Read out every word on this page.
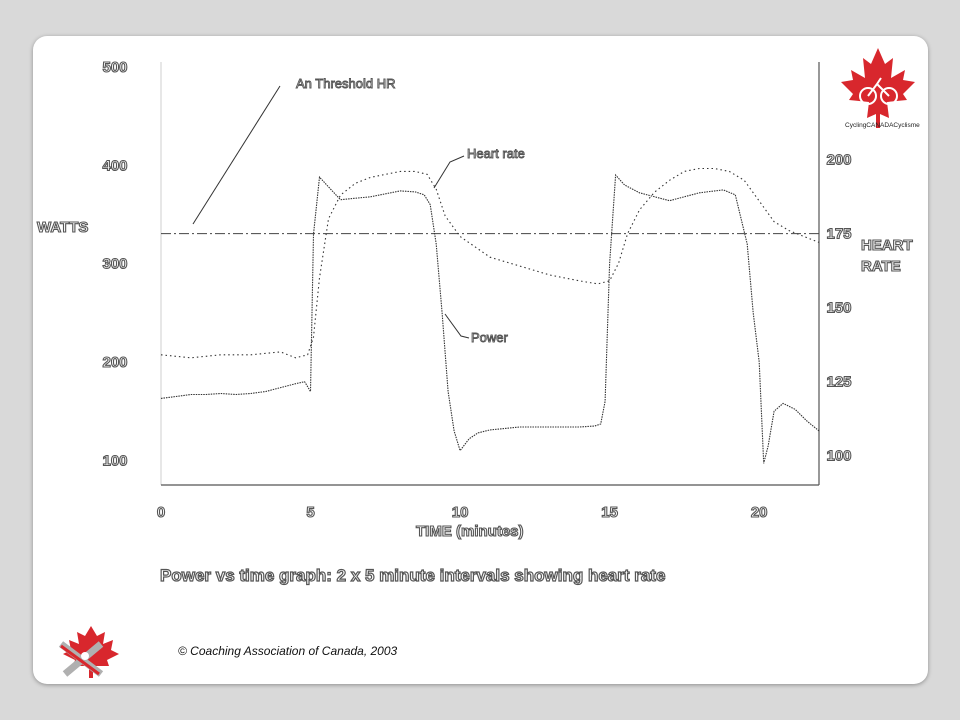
500
400
300
200
100
200
175
150
125
100
0	5	10	15	20
WATTS
HEART
RATE
TIME (minutes)
Power vs time graph: 2 x 5 minute intervals showing heart rate
An Threshold HR
Heart rate
Power
CyclingCANADACyclisme
© Coaching Association of Canada, 2003
